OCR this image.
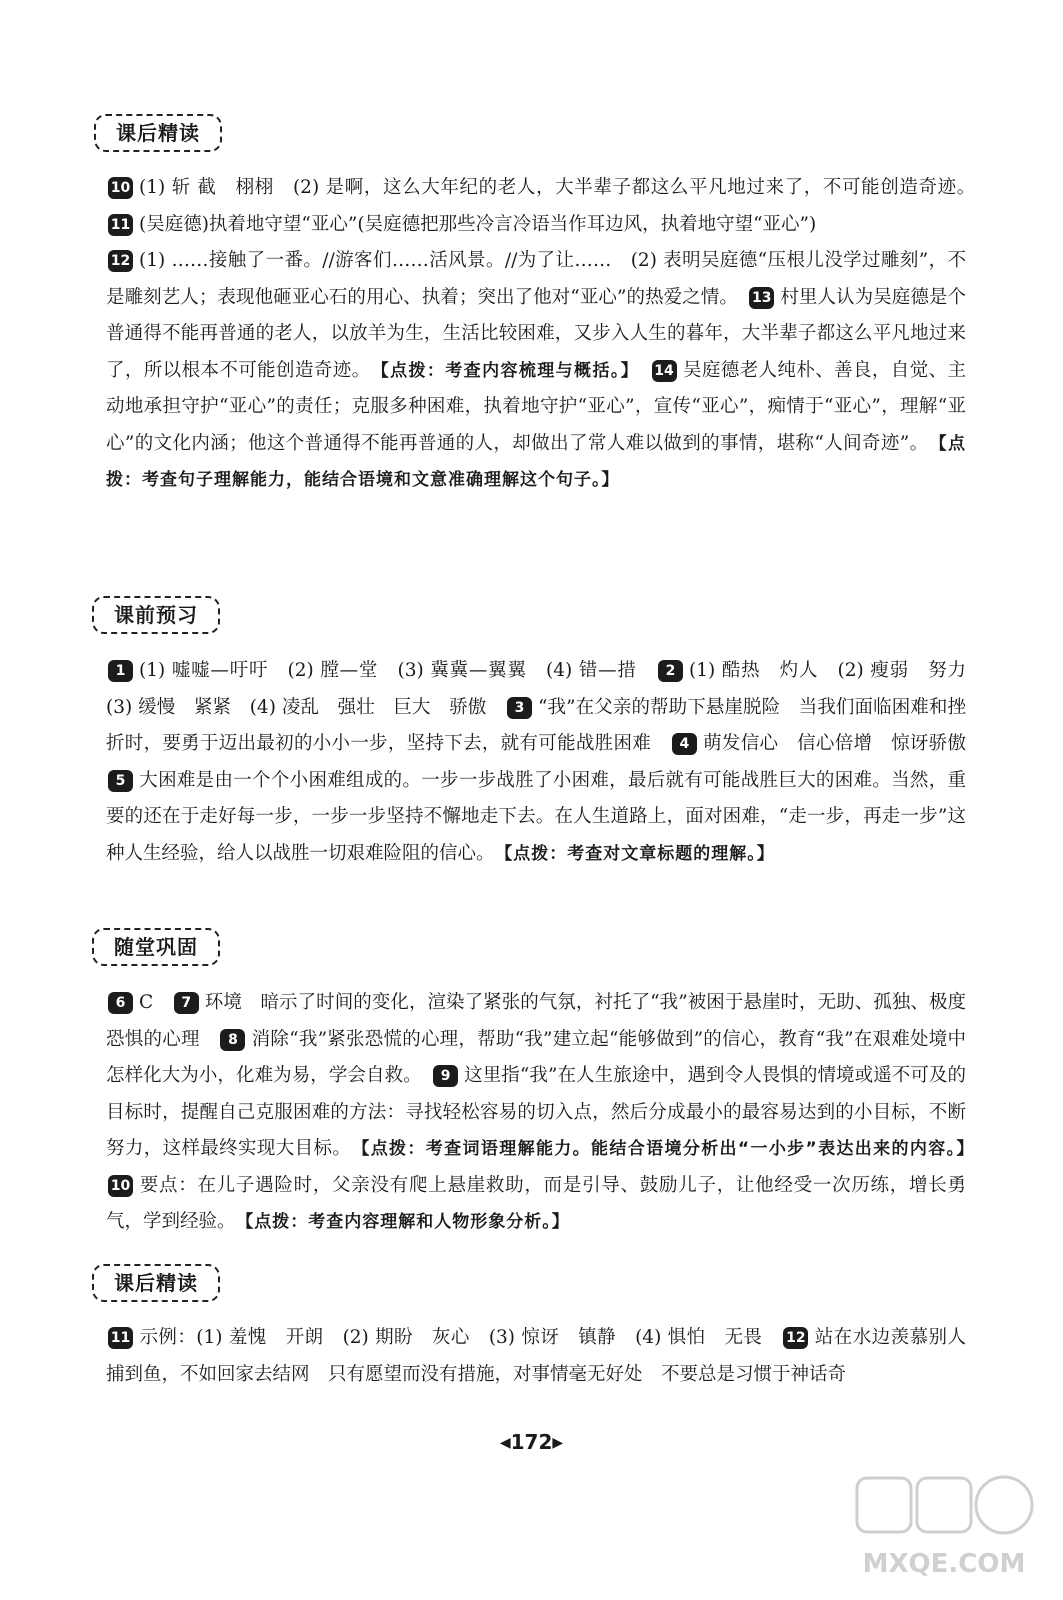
课后精读

10 (1) 斩 截　栩栩　(2) 是啊，这么大年纪的老人，大半辈子都这么平凡地过来了，不可能创造奇迹。　11 (吴庭德)执着地守望“亚心”(吴庭德把那些冷言冷语当作耳边风，执着地守望“亚心”)
12 (1) ……接触了一番。//游客们……活风景。//为了让……　(2) 表明吴庭德“压根儿没学过雕刻”，不是雕刻艺人；表现他砸亚心石的用心、执着；突出了他对“亚心”的热爱之情。　 13 村里人认为吴庭德是个普通得不能再普通的老人，以放羊为生，生活比较困难，又步入人生的暮年，大半辈子都这么平凡地过来了，所以根本不可能创造奇迹。　 【点拨：考查内容梳理与概括。】　 14 吴庭德老人纯朴、善良，自觉、主动地承担守护“亚心”的责任；克服多种困难，执着地守护“亚心”，宣传“亚心”，痴情于“亚心”，理解“亚心”的文化内涵；他这个普通得不能再普通的人，却做出了常人难以做到的事情，堪称“人间奇迹”。　 【点拨：考查句子理解能力，能结合语境和文意准确理解这个句子。】

课前预习

1 (1) 嘘嘘—吁吁　(2) 膛—堂　(3) 冀冀—翼翼　(4) 错—措　 2 (1) 酷热　灼人　(2) 瘦弱　努力　(3) 缓慢　紧紧　(4) 凌乱　强壮　巨大　骄傲　 3 “我”在父亲的帮助下悬崖脱险　当我们面临困难和挫折时，要勇于迈出最初的小小一步，坚持下去，就有可能战胜困难　 4 萌发信心　信心倍增　惊讶骄傲　5 大困难是由一个个小困难组成的。一步一步战胜了小困难，最后就有可能战胜巨大的困难。当然，重要的还在于走好每一步，一步一步坚持不懈地走下去。在人生道路上，面对困难，“走一步，再走一步”这种人生经验，给人以战胜一切艰难险阻的信心。　 【点拨：考查对文章标题的理解。】

随堂巩固

6 C　 7 环境　暗示了时间的变化，渲染了紧张的气氛，衬托了“我”被困于悬崖时，无助、孤独、极度恐惧的心理　 8 消除“我”紧张恐慌的心理，帮助“我”建立起“能够做到”的信心，教育“我”在艰难处境中怎样化大为小，化难为易，学会自救。　 9 这里指“我”在人生旅途中，遇到令人畏惧的情境或遥不可及的目标时，提醒自己克服困难的方法：寻找轻松容易的切入点，然后分成最小的最容易达到的小目标，不断努力，这样最终实现大目标。　 【点拨：考查词语理解能力。能结合语境分析出“一小步”表达出来的内容。】　10 要点：在儿子遇险时，父亲没有爬上悬崖救助，而是引导、鼓励儿子，让他经受一次历练，增长勇气，学到经验。　 【点拨：考查内容理解和人物形象分析。】

课后精读

11 示例：(1) 羞愧　开朗　(2) 期盼　灰心　(3) 惊讶　镇静　(4) 惧怕　无畏　 12 站在水边羡慕别人捕到鱼，不如回家去结网　只有愿望而没有措施，对事情毫无好处　不要总是习惯于神话奇

◀172▶
MXQE.COM
